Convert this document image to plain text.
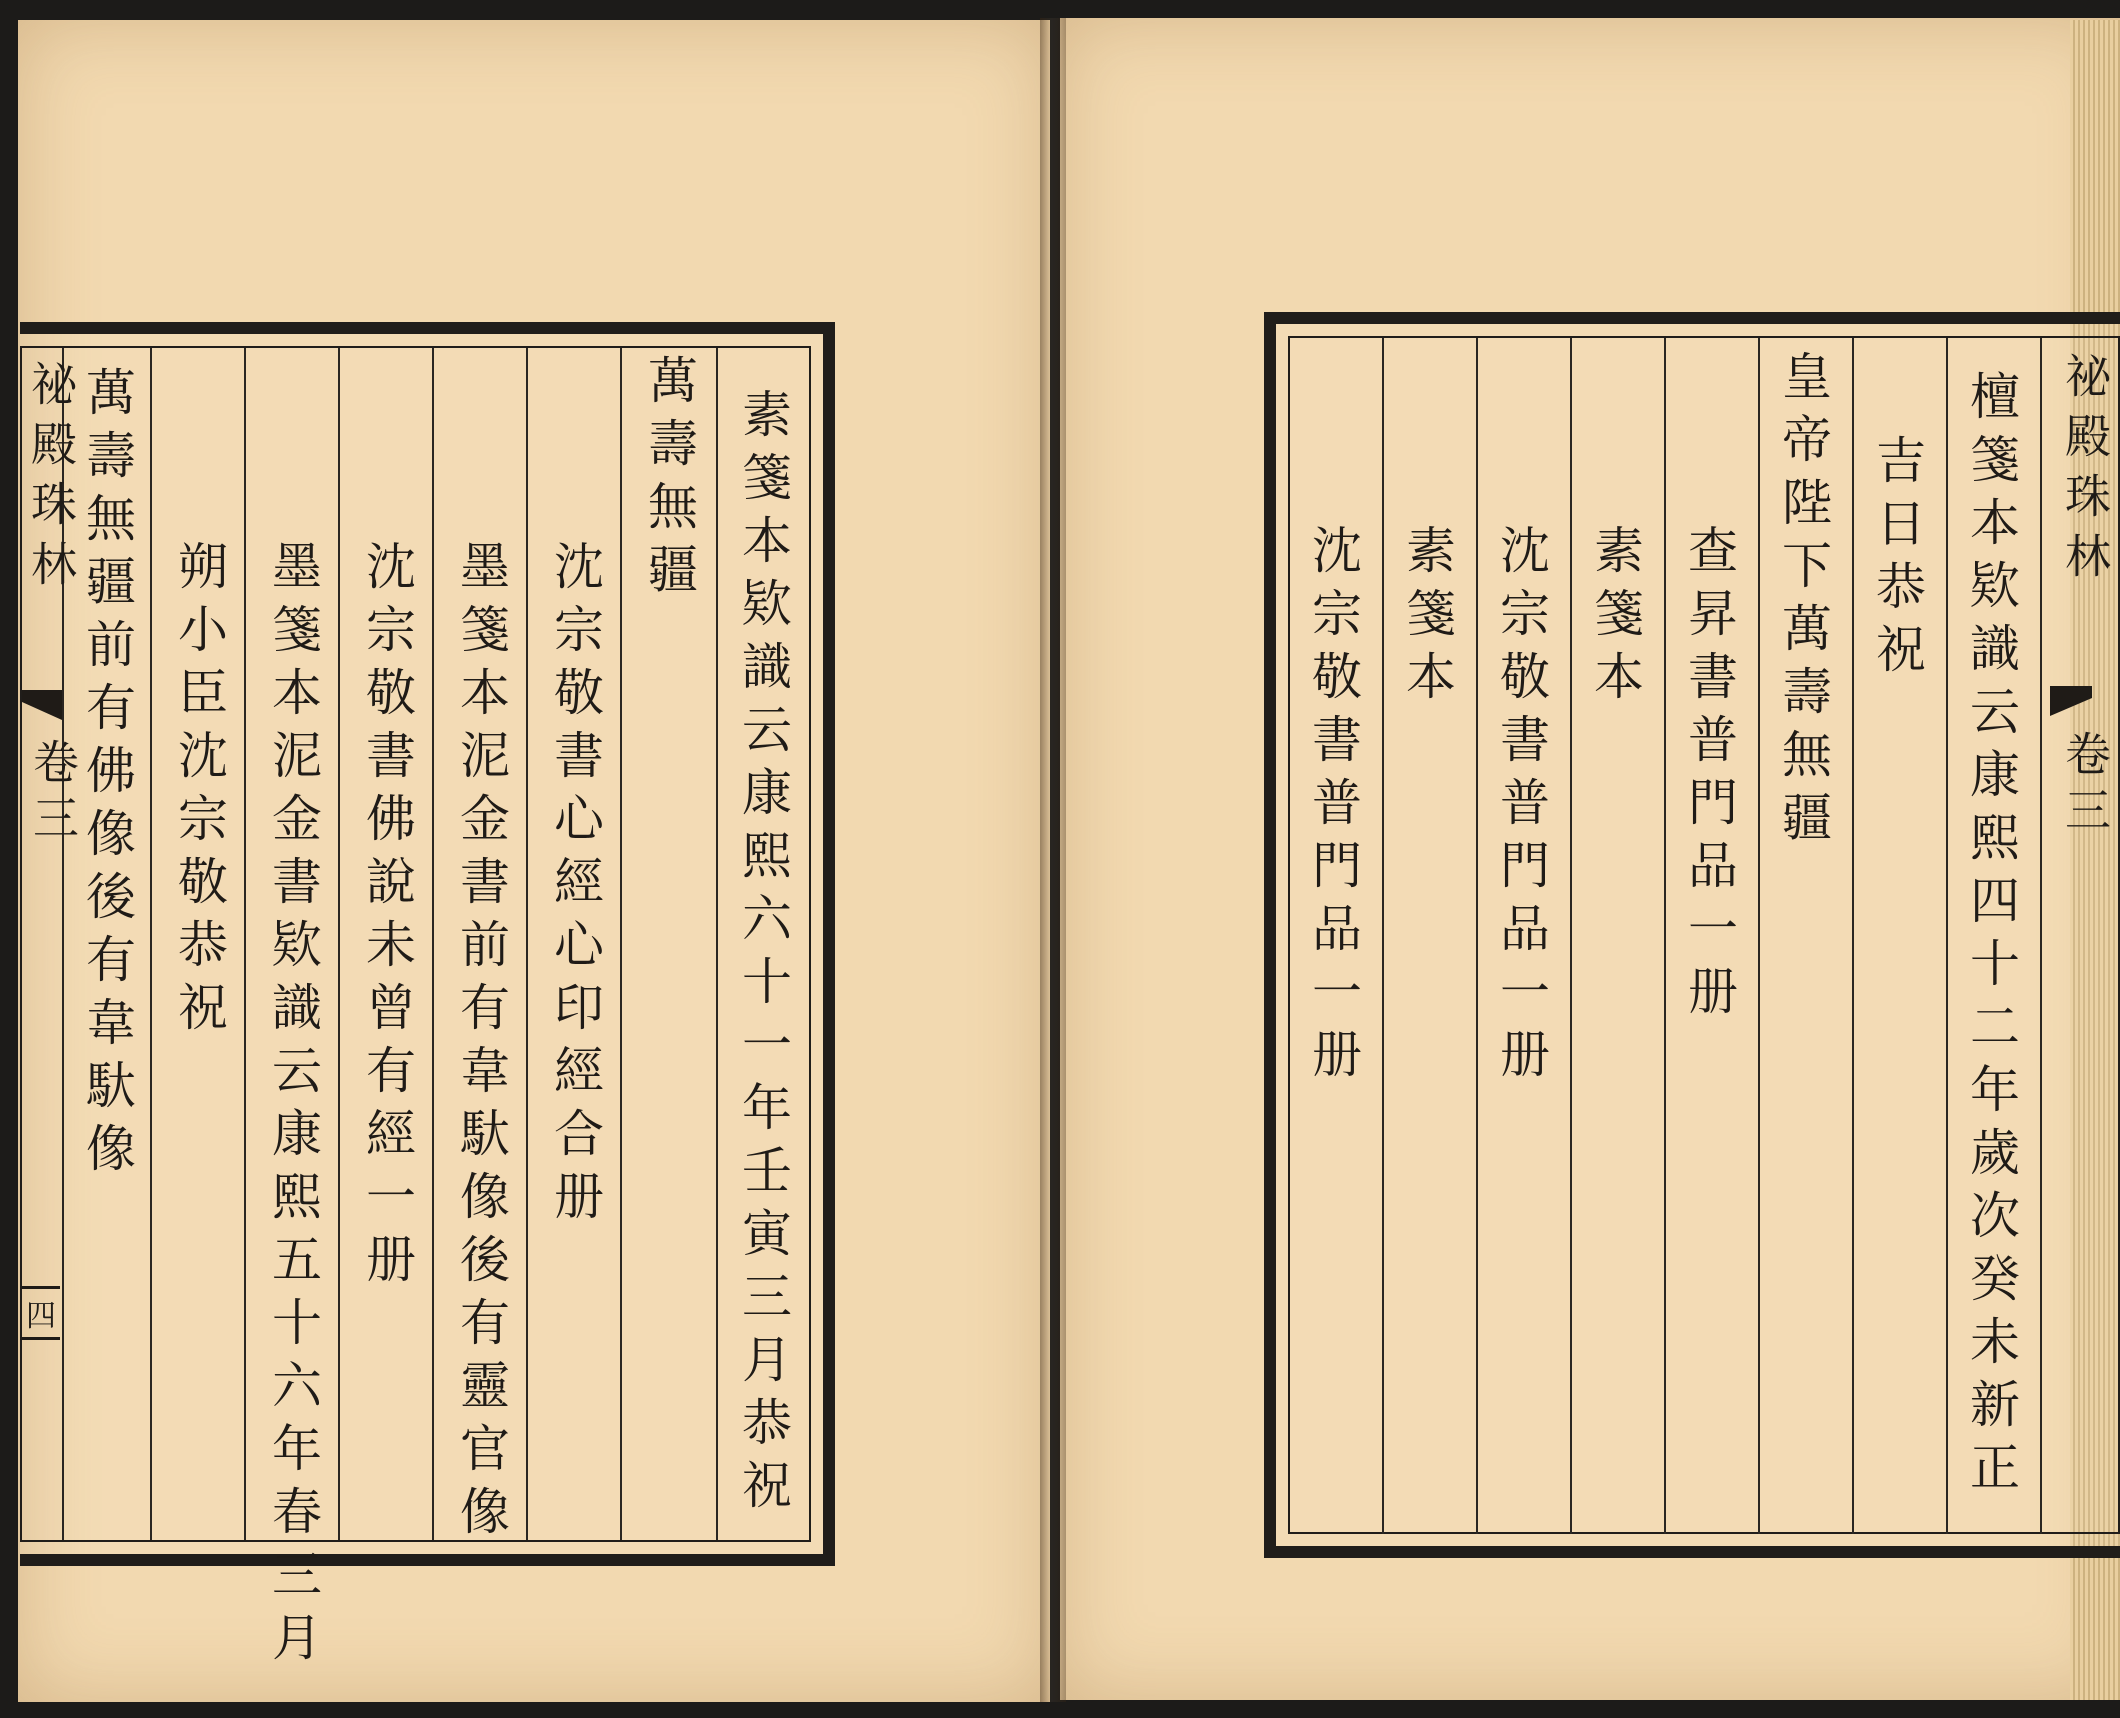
祕殿珠林
卷三
四	素箋本欵識云康熙六十一年壬寅三月恭祝
萬壽無疆
沈宗敬書心經心印經合册
墨箋本泥金書前有韋馱像後有靈官像
沈宗敬書佛說未曾有經一册
墨箋本泥金書欵識云康熙五十六年春三月
朔小臣沈宗敬恭祝
萬壽無疆前有佛像後有韋馱像	祕殿珠林
卷三
檀箋本欵識云康熙四十二年歲次癸未新正
吉日恭祝
皇帝陛下萬壽無疆
查昇書普門品一册
素箋本
沈宗敬書普門品一册
素箋本
沈宗敬書普門品一册
